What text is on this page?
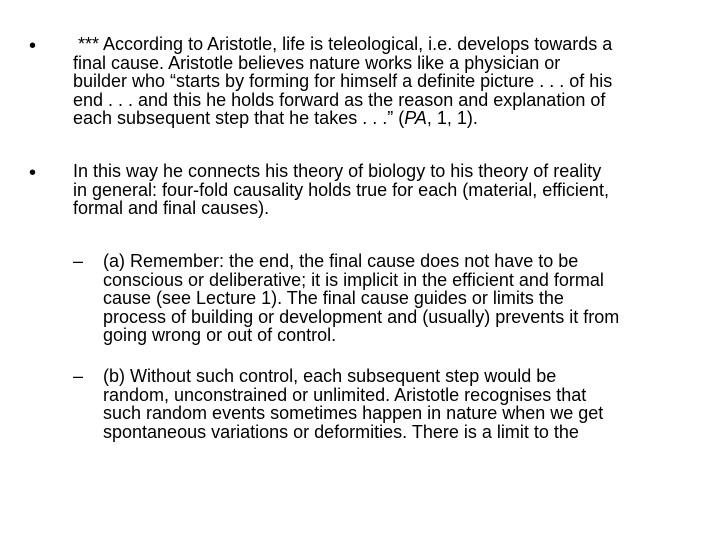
• *** According to Aristotle, life is teleological, i.e. develops towards a
final cause. Aristotle believes nature works like a physician or
builder who “starts by forming for himself a definite picture . . . of his
end . . . and this he holds forward as the reason and explanation of
each subsequent step that he takes . . .” (PA, 1, 1).
• In this way he connects his theory of biology to his theory of reality
in general: four-fold causality holds true for each (material, efficient,
formal and final causes).
– (a) Remember: the end, the final cause does not have to be
conscious or deliberative; it is implicit in the efficient and formal
cause (see Lecture 1). The final cause guides or limits the
process of building or development and (usually) prevents it from
going wrong or out of control.
– (b) Without such control, each subsequent step would be
random, unconstrained or unlimited. Aristotle recognises that
such random events sometimes happen in nature when we get
spontaneous variations or deformities. There is a limit to the
